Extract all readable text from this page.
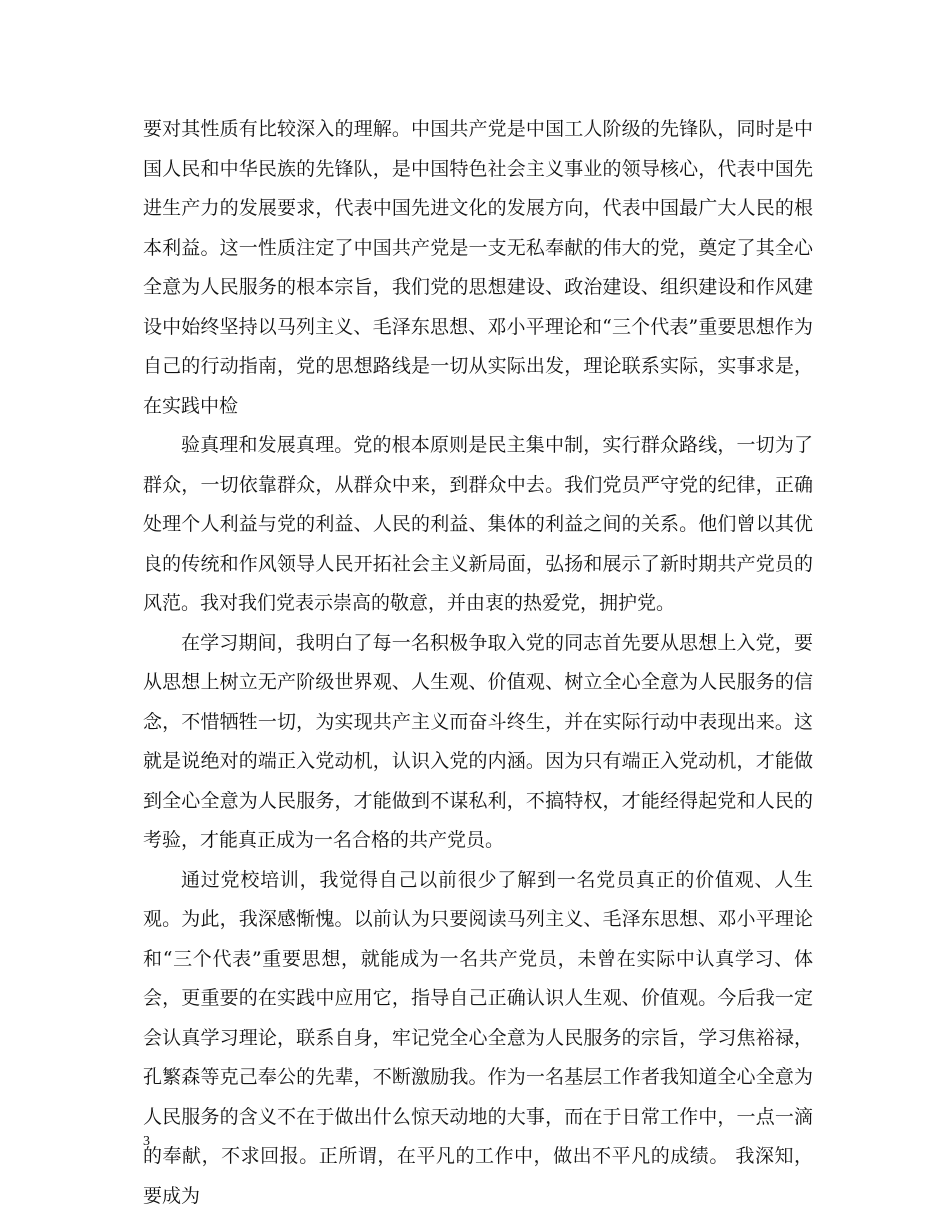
要对其性质有比较深入的理解。中国共产党是中国工人阶级的先锋队，同时是中国人民和中华民族的先锋队，是中国特色社会主义事业的领导核心，代表中国先进生产力的发展要求，代表中国先进文化的发展方向，代表中国最广大人民的根本利益。这一性质注定了中国共产党是一支无私奉献的伟大的党，奠定了其全心全意为人民服务的根本宗旨，我们党的思想建设、政治建设、组织建设和作风建设中始终坚持以马列主义、毛泽东思想、邓小平理论和“三个代表”重要思想作为自己的行动指南，党的思想路线是一切从实际出发，理论联系实际，实事求是，在实践中检

验真理和发展真理。党的根本原则是民主集中制，实行群众路线，一切为了群众，一切依靠群众，从群众中来，到群众中去。我们党员严守党的纪律，正确处理个人利益与党的利益、人民的利益、集体的利益之间的关系。他们曾以其优良的传统和作风领导人民开拓社会主义新局面，弘扬和展示了新时期共产党员的风范。我对我们党表示崇高的敬意，并由衷的热爱党，拥护党。

在学习期间，我明白了每一名积极争取入党的同志首先要从思想上入党，要从思想上树立无产阶级世界观、人生观、价值观、树立全心全意为人民服务的信念，不惜牺牲一切，为实现共产主义而奋斗终生，并在实际行动中表现出来。这就是说绝对的端正入党动机，认识入党的内涵。因为只有端正入党动机，才能做到全心全意为人民服务，才能做到不谋私利，不搞特权，才能经得起党和人民的考验，才能真正成为一名合格的共产党员。

通过党校培训，我觉得自己以前很少了解到一名党员真正的价值观、人生观。为此，我深感惭愧。以前认为只要阅读马列主义、毛泽东思想、邓小平理论和“三个代表”重要思想，就能成为一名共产党员，未曾在实际中认真学习、体会，更重要的在实践中应用它，指导自己正确认识人生观、价值观。今后我一定会认真学习理论，联系自身，牢记党全心全意为人民服务的宗旨，学习焦裕禄，孔繁森等克己奉公的先辈，不断激励我。作为一名基层工作者我知道全心全意为人民服务的含义不在于做出什么惊天动地的大事，而在于日常工作中，一点一滴的奉献，不求回报。正所谓，在平凡的工作中，做出不平凡的成绩。 我深知，要成为

3
